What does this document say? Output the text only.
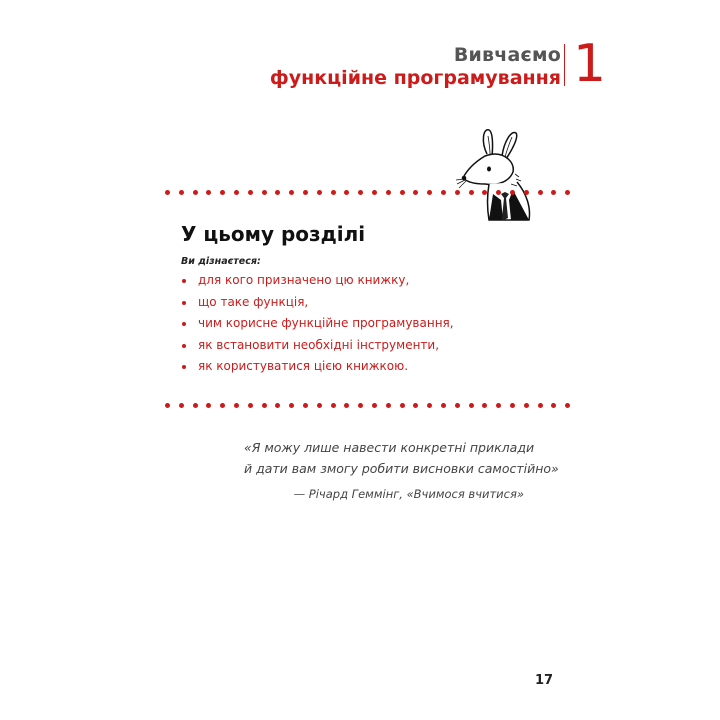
Вивчаємо
функційне програмування 1
У цьому розділі
Ви дізнаєтеся:
для кого призначено цю книжку,
що таке функція,
чим корисне функційне програмування,
як встановити необхідні інструменти,
як користуватися цією книжкою.
«Я можу лише навести конкретні приклади
й дати вам змогу робити висновки самостійно»
— Річард Геммінг, «Вчимося вчитися»
17
